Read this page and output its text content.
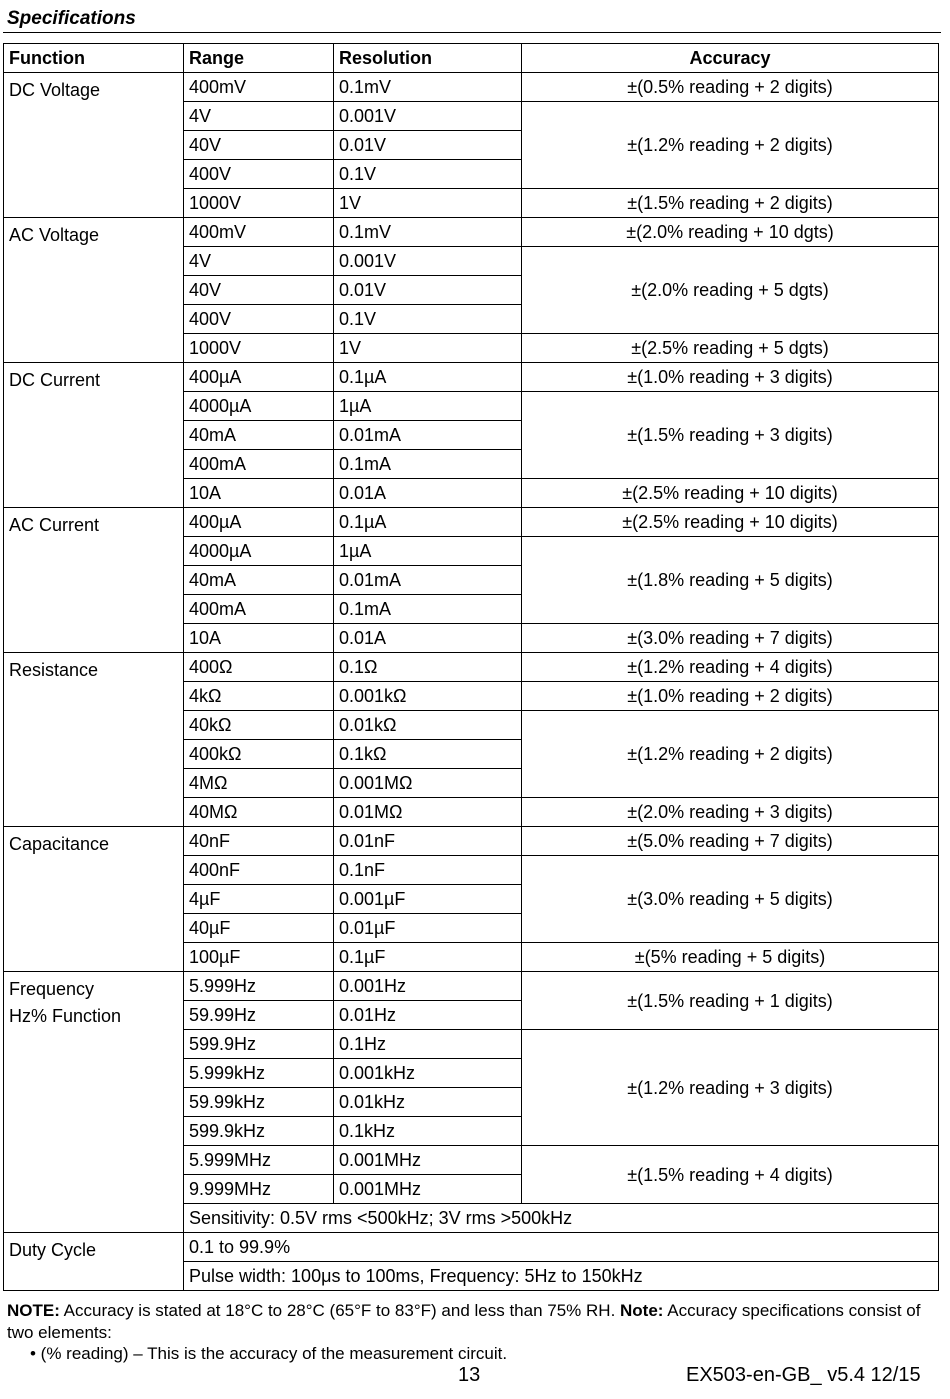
Specifications
Function	Range	Resolution	Accuracy

DC Voltage	400mV	0.1mV	±(0.5% reading + 2 digits)
	4V	0.001V	±(1.2% reading + 2 digits)
	40V	0.01V	
	400V	0.1V	
	1000V	1V	±(1.5% reading + 2 digits)

AC Voltage	400mV	0.1mV	±(2.0% reading + 10 dgts)
	4V	0.001V	±(2.0% reading + 5 dgts)
	40V	0.01V	
	400V	0.1V	
	1000V	1V	±(2.5% reading + 5 dgts)

DC Current	400µA	0.1µA	±(1.0% reading + 3 digits)
	4000µA	1µA	±(1.5% reading + 3 digits)
	40mA	0.01mA	
	400mA	0.1mA	
	10A	0.01A	±(2.5% reading + 10 digits)

AC Current	400µA	0.1µA	±(2.5% reading + 10 digits)
	4000µA	1µA	±(1.8% reading + 5 digits)
	40mA	0.01mA	
	400mA	0.1mA	
	10A	0.01A	±(3.0% reading + 7 digits)

Resistance	400Ω	0.1Ω	±(1.2% reading + 4 digits)
	4kΩ	0.001kΩ	±(1.0% reading + 2 digits)
	40kΩ	0.01kΩ	±(1.2% reading + 2 digits)
	400kΩ	0.1kΩ	
	4MΩ	0.001MΩ	
	40MΩ	0.01MΩ	±(2.0% reading + 3 digits)

Capacitance	40nF	0.01nF	±(5.0% reading + 7 digits)
	400nF	0.1nF	±(3.0% reading + 5 digits)
	4µF	0.001µF	
	40µF	0.01µF	
	100µF	0.1µF	±(5% reading + 5 digits)

Frequency
Hz% Function	5.999Hz	0.001Hz	±(1.5% reading + 1 digits)
	59.99Hz	0.01Hz	
	599.9Hz	0.1Hz	±(1.2% reading + 3 digits)
	5.999kHz	0.001kHz	
	59.99kHz	0.01kHz	
	599.9kHz	0.1kHz	
	5.999MHz	0.001MHz	±(1.5% reading + 4 digits)
	9.999MHz	0.001MHz	
	Sensitivity: 0.5V rms <500kHz; 3V rms >500kHz		

Duty Cycle	0.1 to 99.9%		
	Pulse width: 100μs to 100ms, Frequency: 5Hz to 150kHz		
NOTE: Accuracy is stated at 18°C to 28°C (65°F to 83°F) and less than 75% RH. Note: Accuracy specifications consist of two elements:
• (% reading) – This is the accuracy of the measurement circuit.
13	EX503-en-GB_ v5.4 12/15
